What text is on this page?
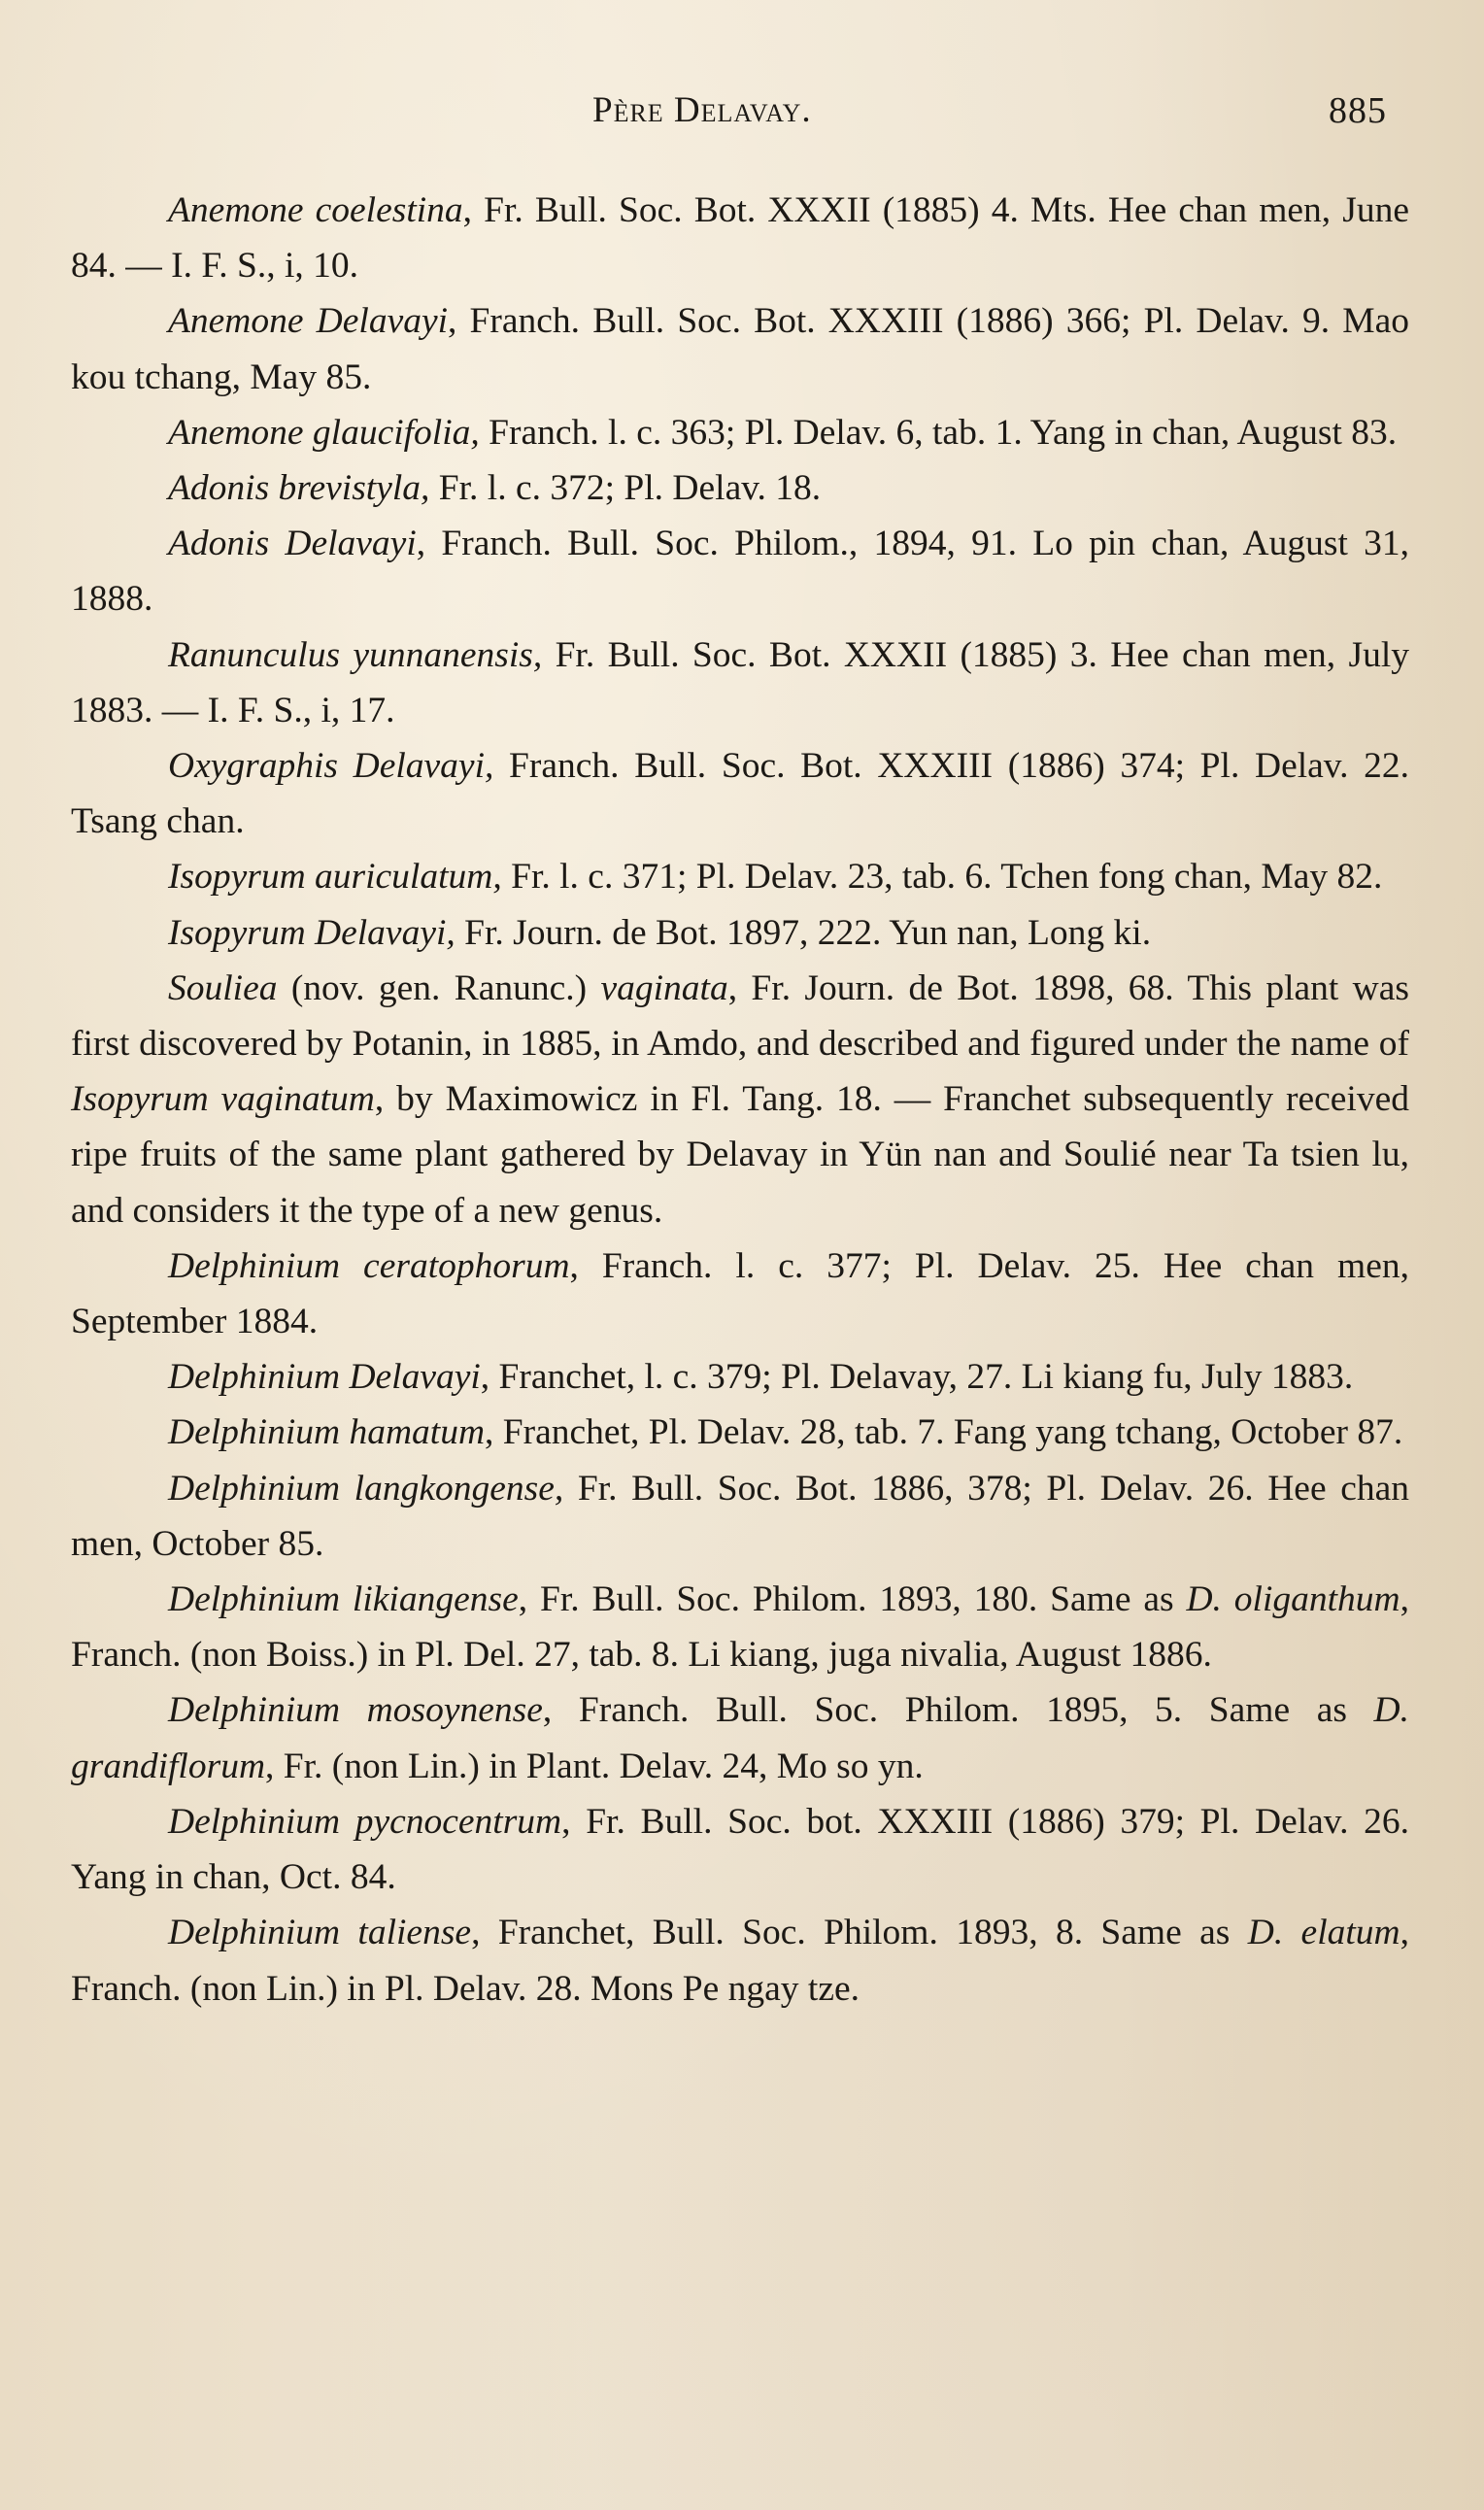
Père Delavay.	885

Anemone coelestina, Fr. Bull. Soc. Bot. XXXII (1885) 4. Mts. Hee chan men, June 84. — I. F. S., i, 10.

Anemone Delavayi, Franch. Bull. Soc. Bot. XXXIII (1886) 366; Pl. Delav. 9. Mao kou tchang, May 85.

Anemone glaucifolia, Franch. l. c. 363; Pl. Delav. 6, tab. 1. Yang in chan, August 83.

Adonis brevistyla, Fr. l. c. 372; Pl. Delav. 18.

Adonis Delavayi, Franch. Bull. Soc. Philom., 1894, 91. Lo pin chan, August 31, 1888.

Ranunculus yunnanensis, Fr. Bull. Soc. Bot. XXXII (1885) 3. Hee chan men, July 1883. — I. F. S., i, 17.

Oxygraphis Delavayi, Franch. Bull. Soc. Bot. XXXIII (1886) 374; Pl. Delav. 22. Tsang chan.

Isopyrum auriculatum, Fr. l. c. 371; Pl. Delav. 23, tab. 6. Tchen fong chan, May 82.

Isopyrum Delavayi, Fr. Journ. de Bot. 1897, 222. Yun nan, Long ki.

Souliea (nov. gen. Ranunc.) vaginata, Fr. Journ. de Bot. 1898, 68. This plant was first discovered by Potanin, in 1885, in Amdo, and described and figured under the name of Isopyrum vaginatum, by Maximowicz in Fl. Tang. 18. — Franchet subsequently received ripe fruits of the same plant gathered by Delavay in Yün nan and Soulié near Ta tsien lu, and considers it the type of a new genus.

Delphinium ceratophorum, Franch. l. c. 377; Pl. Delav. 25. Hee chan men, September 1884.

Delphinium Delavayi, Franchet, l. c. 379; Pl. Delavay, 27. Li kiang fu, July 1883.

Delphinium hamatum, Franchet, Pl. Delav. 28, tab. 7. Fang yang tchang, October 87.

Delphinium langkongense, Fr. Bull. Soc. Bot. 1886, 378; Pl. Delav. 26. Hee chan men, October 85.

Delphinium likiangense, Fr. Bull. Soc. Philom. 1893, 180. Same as D. oliganthum, Franch. (non Boiss.) in Pl. Del. 27, tab. 8. Li kiang, juga nivalia, August 1886.

Delphinium mosoynense, Franch. Bull. Soc. Philom. 1895, 5. Same as D. grandiflorum, Fr. (non Lin.) in Plant. Delav. 24, Mo so yn.

Delphinium pycnocentrum, Fr. Bull. Soc. bot. XXXIII (1886) 379; Pl. Delav. 26. Yang in chan, Oct. 84.

Delphinium taliense, Franchet, Bull. Soc. Philom. 1893, 8. Same as D. elatum, Franch. (non Lin.) in Pl. Delav. 28. Mons Pe ngay tze.
